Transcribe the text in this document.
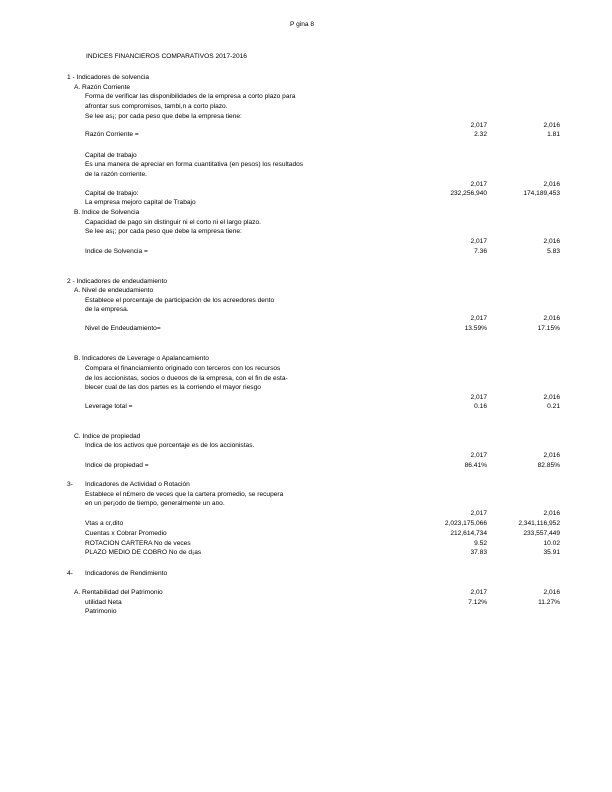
P gina 8
INDICES FINANCIEROS COMPARATIVOS 2017-2016
1 - Indicadores de solvencia
A. Razón Corriente
Forma de verificar las disponibilidades de la empresa a corto plazo para
afrontar sus compromisos, tambi,n a corto plazo.
Se lee as¡; por cada peso que debe la empresa tiene:
2,017	2,016
Razón Corriente =	2.32	1.81
Capital de trabajo
Es una manera de apreciar en forma cuantitativa (en pesos) los resultados
de la razón corriente.
2,017	2,016
Capital de trabajo:	232,256,940	174,189,453
La empresa mejoro capital de Trabajo
B. Indice de Solvencia
Capacidad de pago sin distinguir ni el corto ni el largo plazo.
Se lee as¡; por cada peso que debe la empresa tiene:
2,017	2,016
Indice de Solvencia =	7.36	5.83
2 - Indicadores de endeudamiento
A. Nivel de endeudamiento
Establece el porcentaje de participación de los acreedores dento
de la empresa.
2,017	2,016
Nivel de Endeudamiento=	13.59%	17.15%
B. Indicadores de Leverage o Apalancamiento
Compara el financiamiento originado con terceros con los recursos
de los accionistas, socios o due¤os de la empresa, con el fin de esta-
blecer cual de las dos partes es la corriendo el mayor riesgo
2,017	2,016
Leverage total =	0.16	0.21
C. Indice de propiedad
Indica de los activos que porcentaje es de los accionistas.
2,017	2,016
Indice de propiedad =	86.41%	82.85%
3- Indicadores de Actividad o Rotación
Establece el n£mero de veces que la cartera promedio, se recupera
en un per¡odo de tiempo, generalmente un a¤o.
2,017	2,016
Vtas a cr,dito	2,023,175,066	2,341,116,952
Cuentas x Cobrar Promedio	212,614,734	233,557,449
ROTACION CARTERA No de veces	9.52	10.02
PLAZO MEDIO DE COBRO No de d¡as	37.83	35.91
4- Indicadores de Rendimiento
A. Rentabilidad del Patrimonio	2,017	2,016
utilidad Neta	7.12%	11.27%
Patrimonio
